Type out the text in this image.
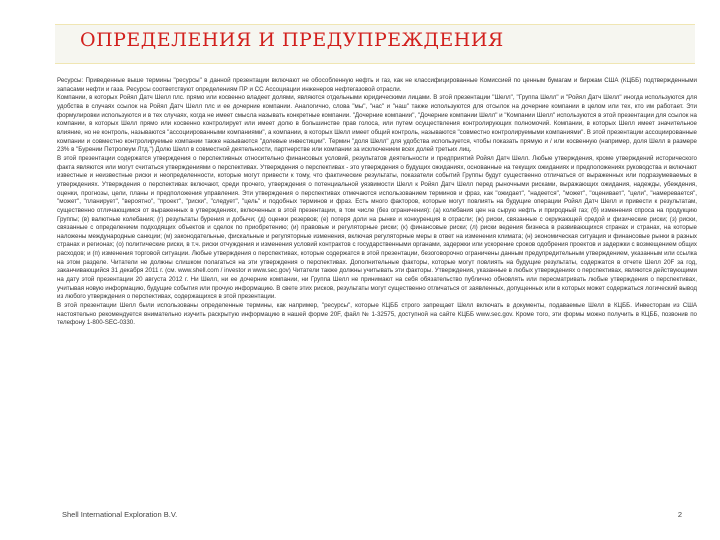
ОПРЕДЕЛЕНИЯ И ПРЕДУПРЕЖДЕНИЯ

Ресурсы: Приведенные выше термины "ресурсы" в данной презентации включают не обособленную нефть и газ, как не классифицированные Комиссией по ценным бумагам и биржам США (КЦББ) подтвержденными запасами нефти и газа. Ресурсы соответствуют определениям ПР и СС Ассоциации инженеров нефтегазовой отрасли.

Компании, в которых Ройял Датч Шелл плс. прямо или косвенно владеет долями, являются отдельными юридическими лицами. В этой презентации "Шелл", "Группа Шелл" и "Ройял Датч Шелл" иногда используются для удобства в случаях ссылок на Ройял Датч Шелл плс и ее дочерние компании. Аналогично, слова "мы", "нас" и "наш" также используются для отсылок на дочерние компании в целом или тех, кто им работает. Эти формулировки используются и в тех случаях, когда не имеет смысла называть конкретные компании. "Дочерние компании", "Дочерние компании Шелл" и "Компании Шелл" используются в этой презентации для ссылок на компании, в которых Шелл прямо или косвенно контролирует или имеет долю в большинстве прав голоса, или путем осуществления контролирующих полномочий. Компании, в которых Шелл имеет значительное влияние, но не контроль, называются "ассоциированными компаниями", а компании, в которых Шелл имеет общий контроль, называются "совместно контролируемыми компаниями". В этой презентации ассоциированные компании и совместно контролируемые компании также называются "долевые инвестиции". Термин "доля Шелл" для удобства используется, чтобы показать прямую и / или косвенную (например, доля Шелл в размере 23% в "Бурении Петролеум Лтд.") Долю Шелл в совместной деятельности, партнерстве или компании за исключением всех долей третьих лиц.

В этой презентации содержатся утверждения о перспективных относительно финансовых условий, результатов деятельности и предприятий Ройял Датч Шелл. Любые утверждения, кроме утверждений исторического факта являются или могут считаться утверждениями о перспективах. Утверждения о перспективах - это утверждения о будущих ожиданиях, основанные на текущих ожиданиях и предположениях руководства и включают известные и неизвестные риски и неопределенности, которые могут привести к тому, что фактические результаты, показатели событий Группы будут существенно отличаться от выраженных или подразумеваемых в утверждениях. Утверждения о перспективах включают, среди прочего, утверждения о потенциальной уязвимости Шелл к Ройял Датч Шелл перед рыночными рисками, выражающих ожидания, надежды, убеждения, оценки, прогнозы, цели, планы и предположения управления. Эти утверждения о перспективах отмечаются использованием терминов и фраз, как "ожидает", "надеется", "может", "оценивает", "цели", "намеревается", "может", "планирует", "вероятно", "проект", "риски", "следует", "цель" и подобных терминов и фраз. Есть много факторов, которые могут повлиять на будущие операции Ройял Датч Шелл и привести к результатам, существенно отличающимся от выраженных в утверждениях, включенных в этой презентации, в том числе (без ограничения): (а) колебания цен на сырую нефть и природный газ; (б) изменения спроса на продукцию Группы; (в) валютные колебания; (г) результаты бурения и добычи; (д) оценки резервов; (е) потеря доли на рынке и конкуренция в отрасли; (ж) риски, связанные с окружающей средой и физические риски; (з) риски, связанные с определением подходящих объектов и сделок по приобретению; (и) правовые и регуляторные риски; (к) финансовые риски; (л) риски ведения бизнеса в развивающихся странах и странах, на которые наложены международные санкции; (м) законодательные, фискальные и регуляторные изменения, включая регуляторные меры в ответ на изменения климата; (н) экономическая ситуация и финансовые рынки в разных странах и регионах; (о) политические риски, в т.ч. риски отчуждения и изменения условий контрактов с государственными органами, задержки или ускорение сроков одобрения проектов и задержки с возмещением общих расходов; и (п) изменения торговой ситуации. Любые утверждения о перспективах, которые содержатся в этой презентации, безоговорочно ограничены данным предупредительным утверждением, указанным или ссылка на этом разделе. Читатели не должны слишком полагаться на эти утверждения о перспективах. Дополнительные факторы, которые могут повлиять на будущие результаты, содержатся в отчете Шелл 20F за год, заканчивающийся 31 декабря 2011 г. (см. www.shell.com / investor и www.sec.gov) Читатели также должны учитывать эти факторы. Утверждения, указанные в любых утверждениях о перспективах, являются действующими на дату этой презентации 20 августа 2012 г. Ни Шелл, ни ее дочерние компании, ни Группа Шелл не принимают на себя обязательство публично обновлять или пересматривать любые утверждения о перспективах, учитывая новую информацию, будущие события или прочую информацию. В свете этих рисков, результаты могут существенно отличаться от заявленных, допущенных или в которых может содержаться логический вывод из любого утверждения о перспективах, содержащихся в этой презентации.

В этой презентации Шелл были использованы определенные термины, как например, "ресурсы", которые КЦББ строго запрещает Шелл включать в документы, подаваемые Шелл в КЦББ. Инвесторам из США настоятельно рекомендуется внимательно изучить раскрытую информацию в нашей форме 20F, файл № 1-32575, доступной на сайте КЦББ www.sec.gov. Кроме того, эти формы можно получить в КЦББ, позвонив по телефону 1-800-SEC-0330.

Shell International Exploration B.V.	2
